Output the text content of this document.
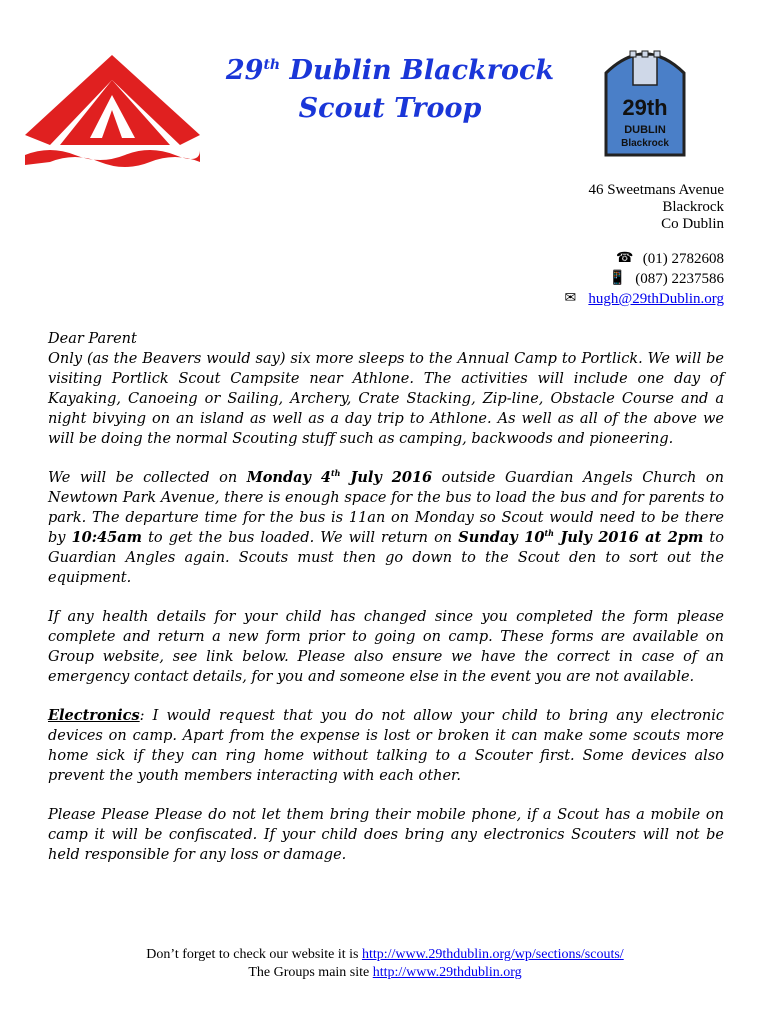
29th Dublin Blackrock
Scout Troop	29th
DUBLIN
Blackrock
46 Sweetmans Avenue
Blackrock
Co Dublin
☎ (01) 2782608
📱 (087) 2237586
✉ hugh@29thDublin.org

Dear Parent

Only (as the Beavers would say) six more sleeps to the Annual Camp to Portlick. We will be visiting Portlick Scout Campsite near Athlone. The activities will include one day of Kayaking, Canoeing or Sailing, Archery, Crate Stacking, Zip-line, Obstacle Course and a night bivying on an island as well as a day trip to Athlone. As well as all of the above we will be doing the normal Scouting stuff such as camping, backwoods and pioneering.

We will be collected on Monday 4th July 2016 outside Guardian Angels Church on Newtown Park Avenue, there is enough space for the bus to load the bus and for parents to park. The departure time for the bus is 11an on Monday so Scout would need to be there by 10:45am to get the bus loaded. We will return on Sunday 10th July 2016 at 2pm to Guardian Angles again. Scouts must then go down to the Scout den to sort out the equipment.

If any health details for your child has changed since you completed the form please complete and return a new form prior to going on camp. These forms are available on Group website, see link below. Please also ensure we have the correct in case of an emergency contact details, for you and someone else in the event you are not available.

Electronics: I would request that you do not allow your child to bring any electronic devices on camp. Apart from the expense is lost or broken it can make some scouts more home sick if they can ring home without talking to a Scouter first. Some devices also prevent the youth members interacting with each other.

Please Please Please do not let them bring their mobile phone, if a Scout has a mobile on camp it will be confiscated. If your child does bring any electronics Scouters will not be held responsible for any loss or damage.

Don’t forget to check our website it is http://www.29thdublin.org/wp/sections/scouts/
The Groups main site http://www.29thdublin.org
